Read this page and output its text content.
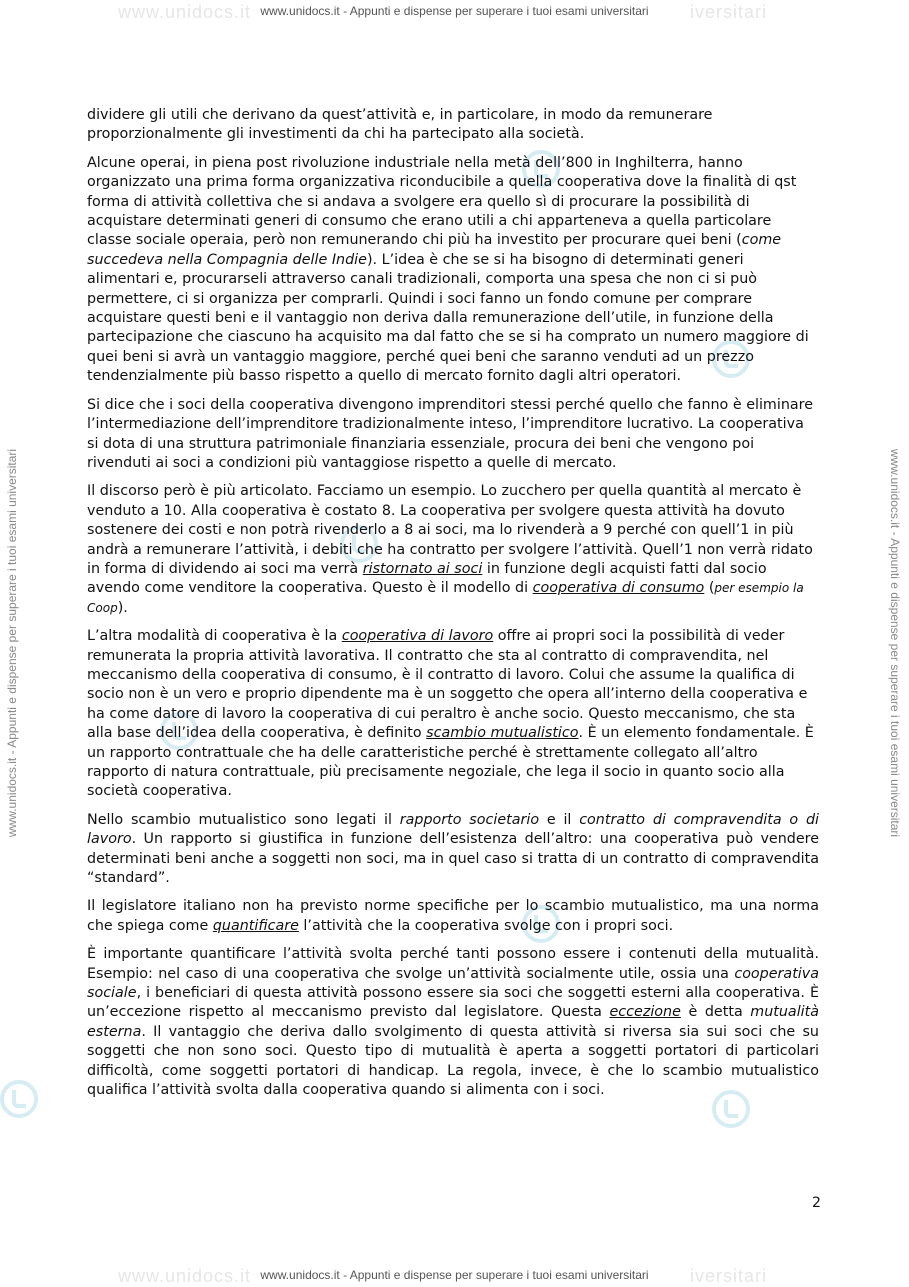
www.unidocs.it	iversitari
www.unidocs.it - Appunti e dispense per superare i tuoi esami universitari
www.unidocs.it - Appunti e dispense per superare i tuoi esami universitari	www.unidocs.it - Appunti e dispense per superare i tuoi esami universitari

dividere gli utili che derivano da quest’attività e, in particolare, in modo da remunerare proporzionalmente gli investimenti da chi ha partecipato alla società.

Alcune operai, in piena post rivoluzione industriale nella metà dell’800 in Inghilterra, hanno organizzato una prima forma organizzativa riconducibile a quella cooperativa dove la finalità di qst forma di attività collettiva che si andava a svolgere era quello sì di procurare la possibilità di acquistare determinati generi di consumo che erano utili a chi apparteneva a quella particolare classe sociale operaia, però non remunerando chi più ha investito per procurare quei beni (come succedeva nella Compagnia delle Indie). L’idea è che se si ha bisogno di determinati generi alimentari e, procurarseli attraverso canali tradizionali, comporta una spesa che non ci si può permettere, ci si organizza per comprarli. Quindi i soci fanno un fondo comune per comprare acquistare questi beni e il vantaggio non deriva dalla remunerazione dell’utile, in funzione della partecipazione che ciascuno ha acquisito ma dal fatto che se si ha comprato un numero maggiore di quei beni si avrà un vantaggio maggiore, perché quei beni che saranno venduti ad un prezzo tendenzialmente più basso rispetto a quello di mercato fornito dagli altri operatori.

Si dice che i soci della cooperativa divengono imprenditori stessi perché quello che fanno è eliminare l’intermediazione dell’imprenditore tradizionalmente inteso, l’imprenditore lucrativo. La cooperativa si dota di una struttura patrimoniale finanziaria essenziale, procura dei beni che vengono poi rivenduti ai soci a condizioni più vantaggiose rispetto a quelle di mercato.

Il discorso però è più articolato. Facciamo un esempio. Lo zucchero per quella quantità al mercato è venduto a 10. Alla cooperativa è costato 8. La cooperativa per svolgere questa attività ha dovuto sostenere dei costi e non potrà rivenderlo a 8 ai soci, ma lo rivenderà a 9 perché con quell’1 in più andrà a remunerare l’attività, i debiti che ha contratto per svolgere l’attività. Quell’1 non verrà ridato in forma di dividendo ai soci ma verrà ristornato ai soci in funzione degli acquisti fatti dal socio avendo come venditore la cooperativa. Questo è il modello di cooperativa di consumo (per esempio la Coop).

L’altra modalità di cooperativa è la cooperativa di lavoro offre ai propri soci la possibilità di veder remunerata la propria attività lavorativa. Il contratto che sta al contratto di compravendita, nel meccanismo della cooperativa di consumo, è il contratto di lavoro. Colui che assume la qualifica di socio non è un vero e proprio dipendente ma è un soggetto che opera all’interno della cooperativa e ha come datore di lavoro la cooperativa di cui peraltro è anche socio. Questo meccanismo, che sta alla base dell’idea della cooperativa, è definito scambio mutualistico. È un elemento fondamentale. È un rapporto contrattuale che ha delle caratteristiche perché è strettamente collegato all’altro rapporto di natura contrattuale, più precisamente negoziale, che lega il socio in quanto socio alla società cooperativa.

Nello scambio mutualistico sono legati il rapporto societario e il contratto di compravendita o di lavoro. Un rapporto si giustifica in funzione dell’esistenza dell’altro: una cooperativa può vendere determinati beni anche a soggetti non soci, ma in quel caso si tratta di un contratto di compravendita “standard”.

Il legislatore italiano non ha previsto norme specifiche per lo scambio mutualistico, ma una norma che spiega come quantificare l’attività che la cooperativa svolge con i propri soci.

È importante quantificare l’attività svolta perché tanti possono essere i contenuti della mutualità. Esempio: nel caso di una cooperativa che svolge un’attività socialmente utile, ossia una cooperativa sociale, i beneficiari di questa attività possono essere sia soci che soggetti esterni alla cooperativa. È un’eccezione rispetto al meccanismo previsto dal legislatore. Questa eccezione è detta mutualità esterna. Il vantaggio che deriva dallo svolgimento di questa attività si riversa sia sui soci che su soggetti che non sono soci. Questo tipo di mutualità è aperta a soggetti portatori di particolari difficoltà, come soggetti portatori di handicap. La regola, invece, è che lo scambio mutualistico qualifica l’attività svolta dalla cooperativa quando si alimenta con i soci.

2
www.unidocs.it	iversitari
www.unidocs.it - Appunti e dispense per superare i tuoi esami universitari
